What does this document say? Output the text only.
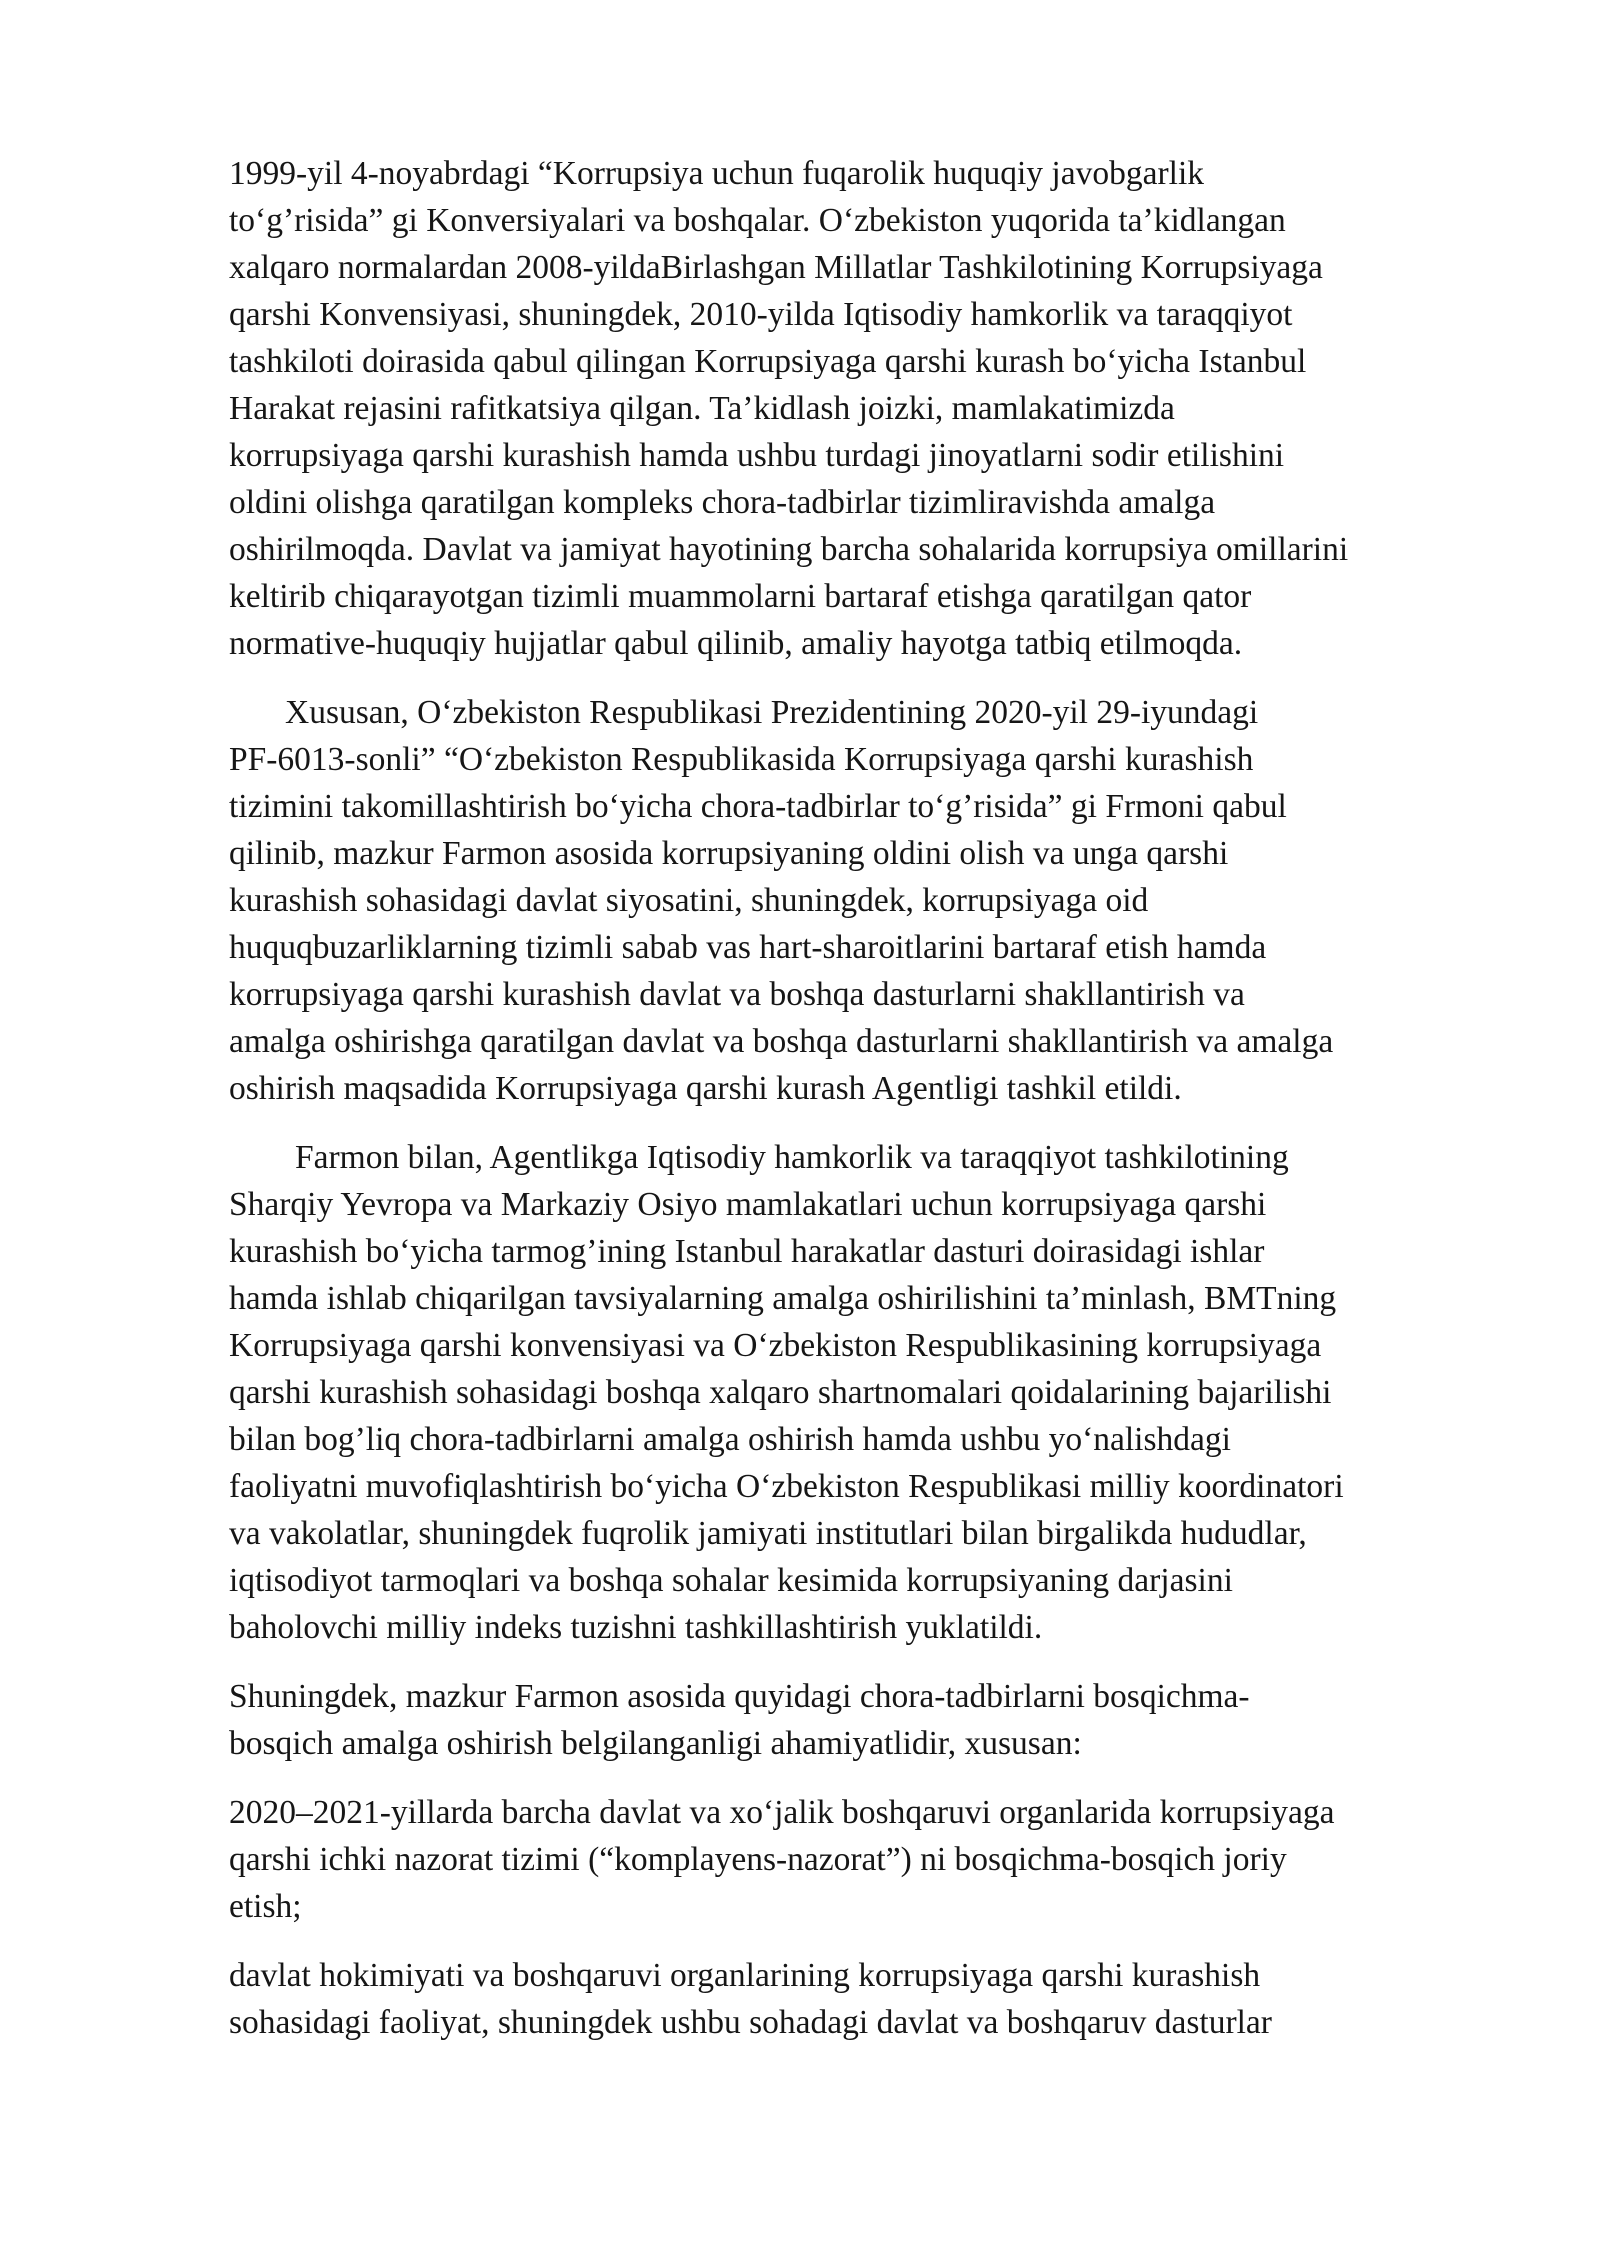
1999-yil 4-noyabrdagi “Korrupsiya uchun fuqarolik huquqiy javobgarlik
to‘g’risida” gi Konversiyalari va boshqalar. O‘zbekiston yuqorida ta’kidlangan
xalqaro normalardan 2008-yildaBirlashgan Millatlar Tashkilotining Korrupsiyaga
qarshi Konvensiyasi, shuningdek, 2010-yilda Iqtisodiy hamkorlik va taraqqiyot
tashkiloti doirasida qabul qilingan Korrupsiyaga qarshi kurash bo‘yicha Istanbul
Harakat rejasini rafitkatsiya qilgan. Ta’kidlash joizki, mamlakatimizda
korrupsiyaga qarshi kurashish hamda ushbu turdagi jinoyatlarni sodir etilishini
oldini olishga qaratilgan kompleks chora-tadbirlar tizimliravishda amalga
oshirilmoqda. Davlat va jamiyat hayotining barcha sohalarida korrupsiya omillarini
keltirib chiqarayotgan tizimli muammolarni bartaraf etishga qaratilgan qator
normative-huquqiy hujjatlar qabul qilinib, amaliy hayotga tatbiq etilmoqda.

Xususan, O‘zbekiston Respublikasi Prezidentining 2020-yil 29-iyundagi
PF-6013-sonli” “O‘zbekiston Respublikasida Korrupsiyaga qarshi kurashish
tizimini takomillashtirish bo‘yicha chora-tadbirlar to‘g’risida” gi Frmoni qabul
qilinib, mazkur Farmon asosida korrupsiyaning oldini olish va unga qarshi
kurashish sohasidagi davlat siyosatini, shuningdek, korrupsiyaga oid
huquqbuzarliklarning tizimli sabab vas hart-sharoitlarini bartaraf etish hamda
korrupsiyaga qarshi kurashish davlat va boshqa dasturlarni shakllantirish va
amalga oshirishga qaratilgan davlat va boshqa dasturlarni shakllantirish va amalga
oshirish maqsadida Korrupsiyaga qarshi kurash Agentligi tashkil etildi.

Farmon bilan, Agentlikga Iqtisodiy hamkorlik va taraqqiyot tashkilotining
Sharqiy Yevropa va Markaziy Osiyo mamlakatlari uchun korrupsiyaga qarshi
kurashish bo‘yicha tarmog’ining Istanbul harakatlar dasturi doirasidagi ishlar
hamda ishlab chiqarilgan tavsiyalarning amalga oshirilishini ta’minlash, BMTning
Korrupsiyaga qarshi konvensiyasi va O‘zbekiston Respublikasining korrupsiyaga
qarshi kurashish sohasidagi boshqa xalqaro shartnomalari qoidalarining bajarilishi
bilan bog’liq chora-tadbirlarni amalga oshirish hamda ushbu yo‘nalishdagi
faoliyatni muvofiqlashtirish bo‘yicha O‘zbekiston Respublikasi milliy koordinatori
va vakolatlar, shuningdek fuqrolik jamiyati institutlari bilan birgalikda hududlar,
iqtisodiyot tarmoqlari va boshqa sohalar kesimida korrupsiyaning darjasini
baholovchi milliy indeks tuzishni tashkillashtirish yuklatildi.

Shuningdek, mazkur Farmon asosida quyidagi chora-tadbirlarni bosqichma-
bosqich amalga oshirish belgilanganligi ahamiyatlidir, xususan:

2020–2021-yillarda barcha davlat va xo‘jalik boshqaruvi organlarida korrupsiyaga
qarshi ichki nazorat tizimi (“komplayens-nazorat”) ni bosqichma-bosqich joriy
etish;

davlat hokimiyati va boshqaruvi organlarining korrupsiyaga qarshi kurashish
sohasidagi faoliyat, shuningdek ushbu sohadagi davlat va boshqaruv dasturlar
